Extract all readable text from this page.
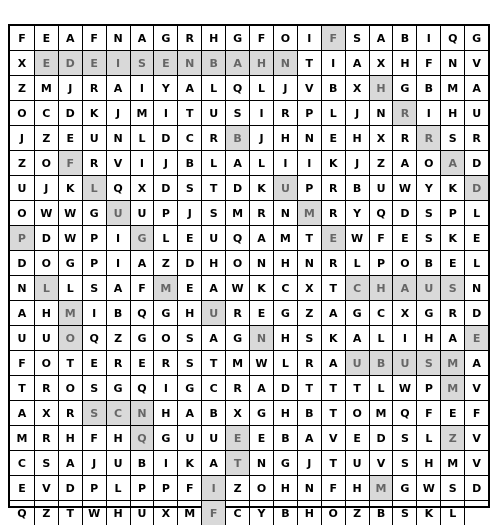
F	E	A	F	N	A	G	R	H	G	F	O	I	F	S	A	B	I	Q	G
X	E	D	E	I	S	E	N	B	A	H	N	T	I	A	X	H	F	N	V
Z	M	J	R	A	I	Y	A	L	Q	L	J	V	B	X	H	G	B	M	A
O	C	D	K	J	M	I	T	U	S	I	R	P	L	J	N	R	I	H	U
J	Z	E	U	N	L	D	C	R	B	J	H	N	E	H	X	R	R	S	R
Z	O	F	R	V	I	J	B	L	A	L	I	I	K	J	Z	A	O	A	D
U	J	K	L	Q	X	D	S	T	D	K	U	P	R	B	U	W	Y	K	D
O	W	W	G	U	U	P	J	S	M	R	N	M	R	Y	Q	D	S	P	L
P	D	W	P	I	G	L	E	U	Q	A	M	T	E	W	F	E	S	K	E
D	O	G	P	I	A	Z	D	H	O	N	H	N	R	L	P	O	B	E	L
N	L	L	S	A	F	M	E	A	W	K	C	X	T	C	H	A	U	S	N
A	H	M	I	B	Q	G	H	U	R	E	G	Z	A	G	C	X	G	R	D
U	U	O	Q	Z	G	O	S	A	G	N	H	S	K	A	L	I	H	A	E
F	O	T	E	R	E	R	S	T	M	W	L	R	A	U	B	U	S	M	A
T	R	O	S	G	Q	I	G	C	R	A	D	T	T	T	L	W	P	M	V
A	X	R	S	C	N	H	A	B	X	G	H	B	T	O	M	Q	F	E	F
M	R	H	F	H	Q	G	U	U	E	E	B	A	V	E	D	S	L	Z	V
C	S	A	J	U	B	I	K	A	T	N	G	J	T	U	V	S	H	M	V
E	V	D	P	L	P	P	F	I	Z	O	H	N	F	H	M	G	W	S	D
Q	Z	T	W	H	U	X	M	F	C	Y	B	H	O	Z	B	S	K	L
